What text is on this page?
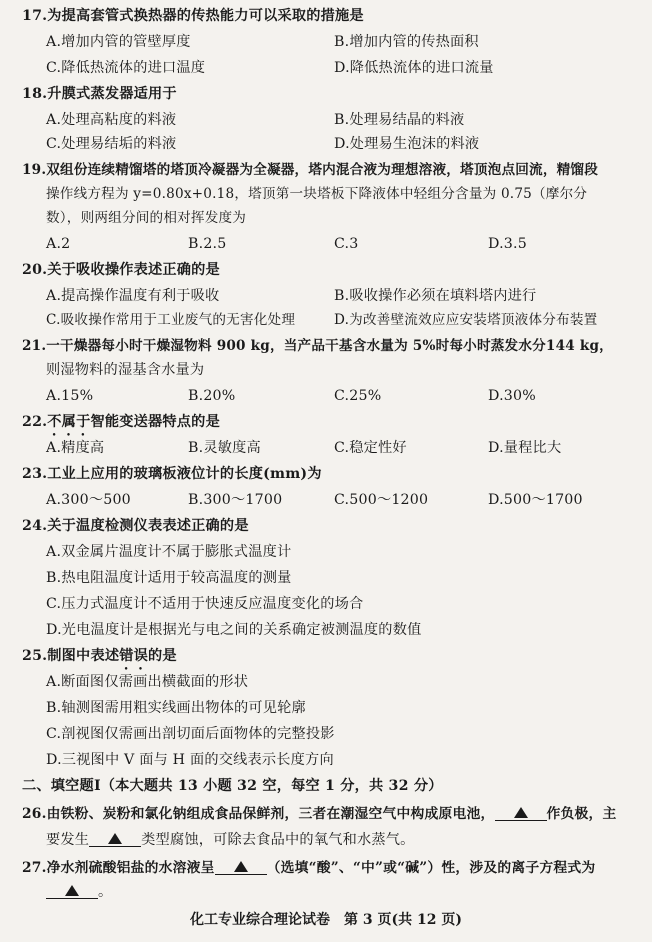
17.为提高套管式换热器的传热能力可以采取的措施是
A.增加内管的管壁厚度	B.增加内管的传热面积
C.降低热流体的进口温度	D.降低热流体的进口流量
18.升膜式蒸发器适用于
A.处理高粘度的料液	B.处理易结晶的料液
C.处理易结垢的料液	D.处理易生泡沫的料液
19.双组份连续精馏塔的塔顶冷凝器为全凝器，塔内混合液为理想溶液，塔顶泡点回流，精馏段
操作线方程为 y=0.80x+0.18，塔顶第一块塔板下降液体中轻组分含量为 0.75（摩尔分
数），则两组分间的相对挥发度为
A.2	B.2.5	C.3	D.3.5
20.关于吸收操作表述正确的是
A.提高操作温度有利于吸收	B.吸收操作必须在填料塔内进行
C.吸收操作常用于工业废气的无害化处理	D.为改善壁流效应应安装塔顶液体分布装置
21.一干燥器每小时干燥湿物料 900 kg，当产品干基含水量为 5%时每小时蒸发水分144 kg，
则湿物料的湿基含水量为
A.15%	B.20%	C.25%	D.30%
22.不属于智能变送器特点的是
A.精度高	B.灵敏度高	C.稳定性好	D.量程比大
23.工业上应用的玻璃板液位计的长度(mm)为
A.300～500	B.300～1700	C.500～1200	D.500～1700
24.关于温度检测仪表表述正确的是
A.双金属片温度计不属于膨胀式温度计
B.热电阻温度计适用于较高温度的测量
C.压力式温度计不适用于快速反应温度变化的场合
D.光电温度计是根据光与电之间的关系确定被测温度的数值
25.制图中表述错误的是
A.断面图仅需画出横截面的形状
B.轴测图需用粗实线画出物体的可见轮廓
C.剖视图仅需画出剖切面后面物体的完整投影
D.三视图中 V 面与 H 面的交线表示长度方向
二、填空题Ⅰ（本大题共 13 小题 32 空，每空 1 分，共 32 分）
26.由铁粉、炭粉和氯化钠组成食品保鲜剂，三者在潮湿空气中构成原电池，	作负极，主
要发生	类型腐蚀，可除去食品中的氧气和水蒸气。
27.净水剂硫酸铝盐的水溶液呈	（选填“酸”、“中”或“碱”）性，涉及的离子方程式为
。
化工专业综合理论试卷　第 3 页(共 12 页)
